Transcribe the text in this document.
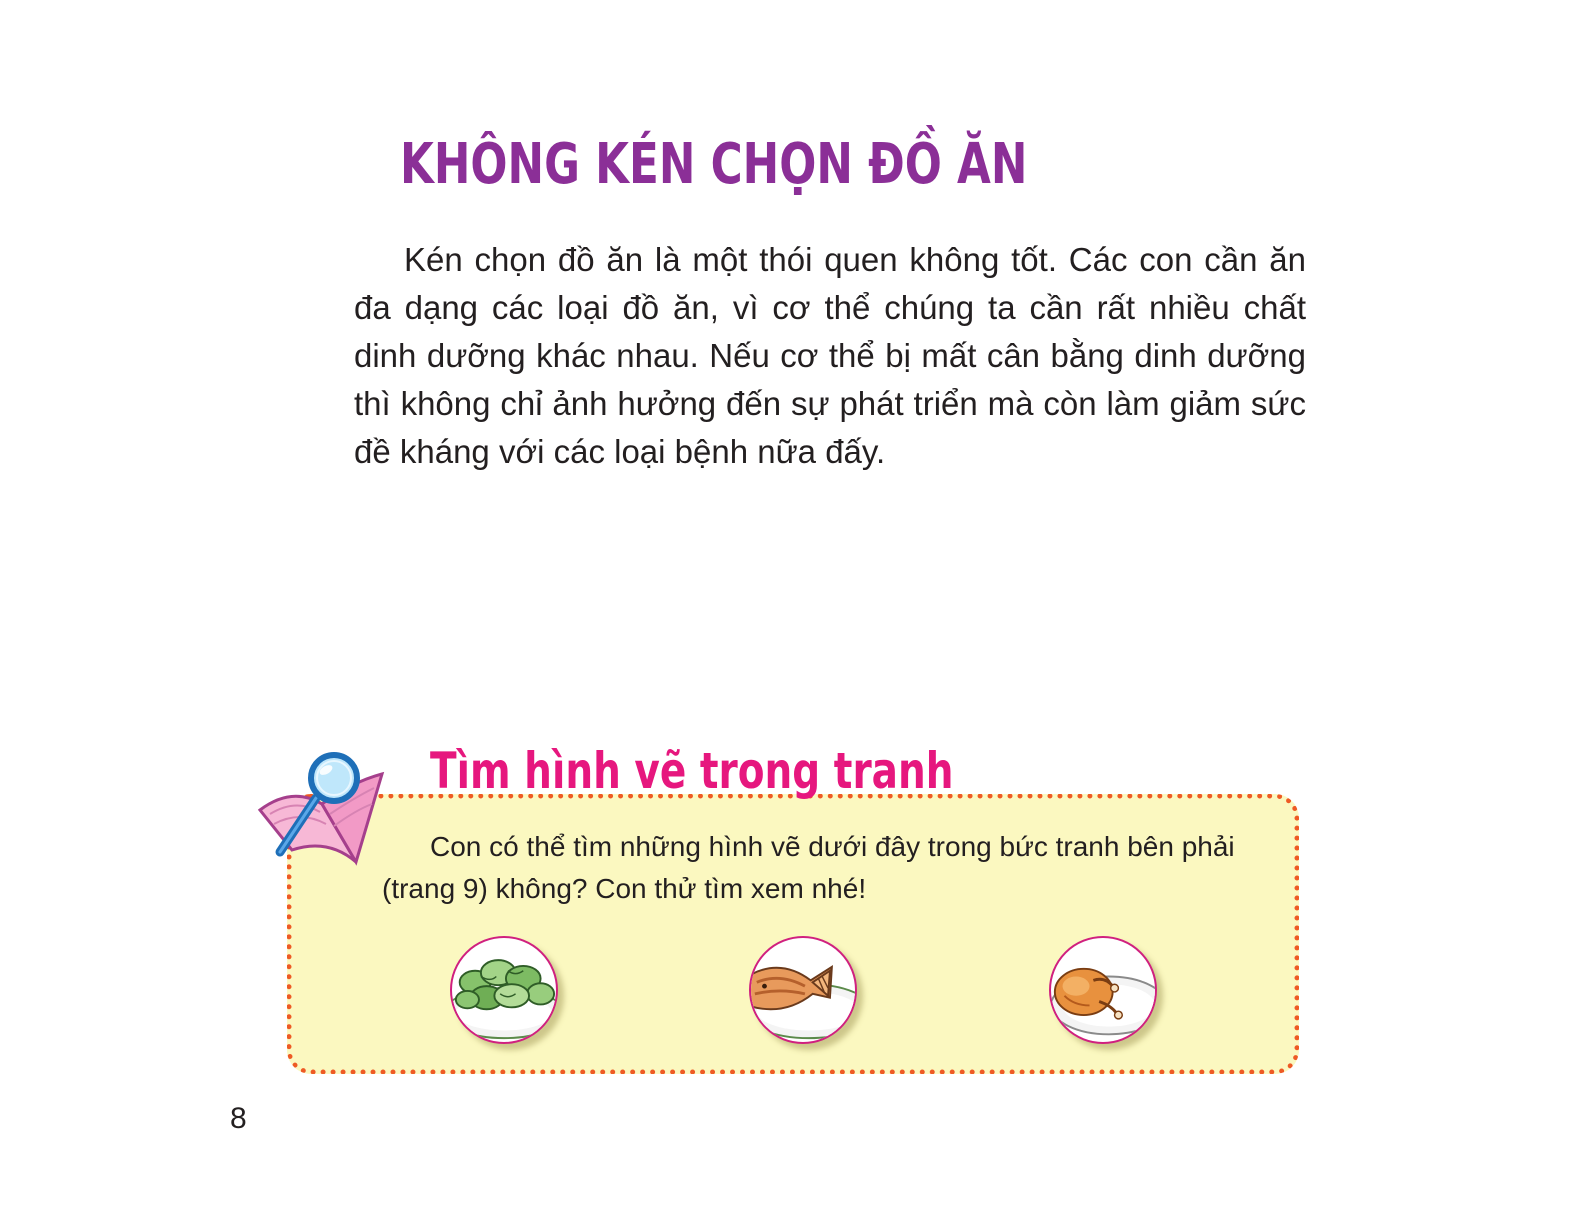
KHÔNG KÉN CHỌN ĐỒ ĂN

Kén chọn đồ ăn là một thói quen không tốt. Các con cần ăn đa dạng các loại đồ ăn, vì cơ thể chúng ta cần rất nhiều chất dinh dưỡng khác nhau. Nếu cơ thể bị mất cân bằng dinh dưỡng thì không chỉ ảnh hưởng đến sự phát triển mà còn làm giảm sức đề kháng với các loại bệnh nữa đấy.

Tìm hình vẽ trong tranh

Con có thể tìm những hình vẽ dưới đây trong bức tranh bên phải (trang 9) không? Con thử tìm xem nhé!

8
